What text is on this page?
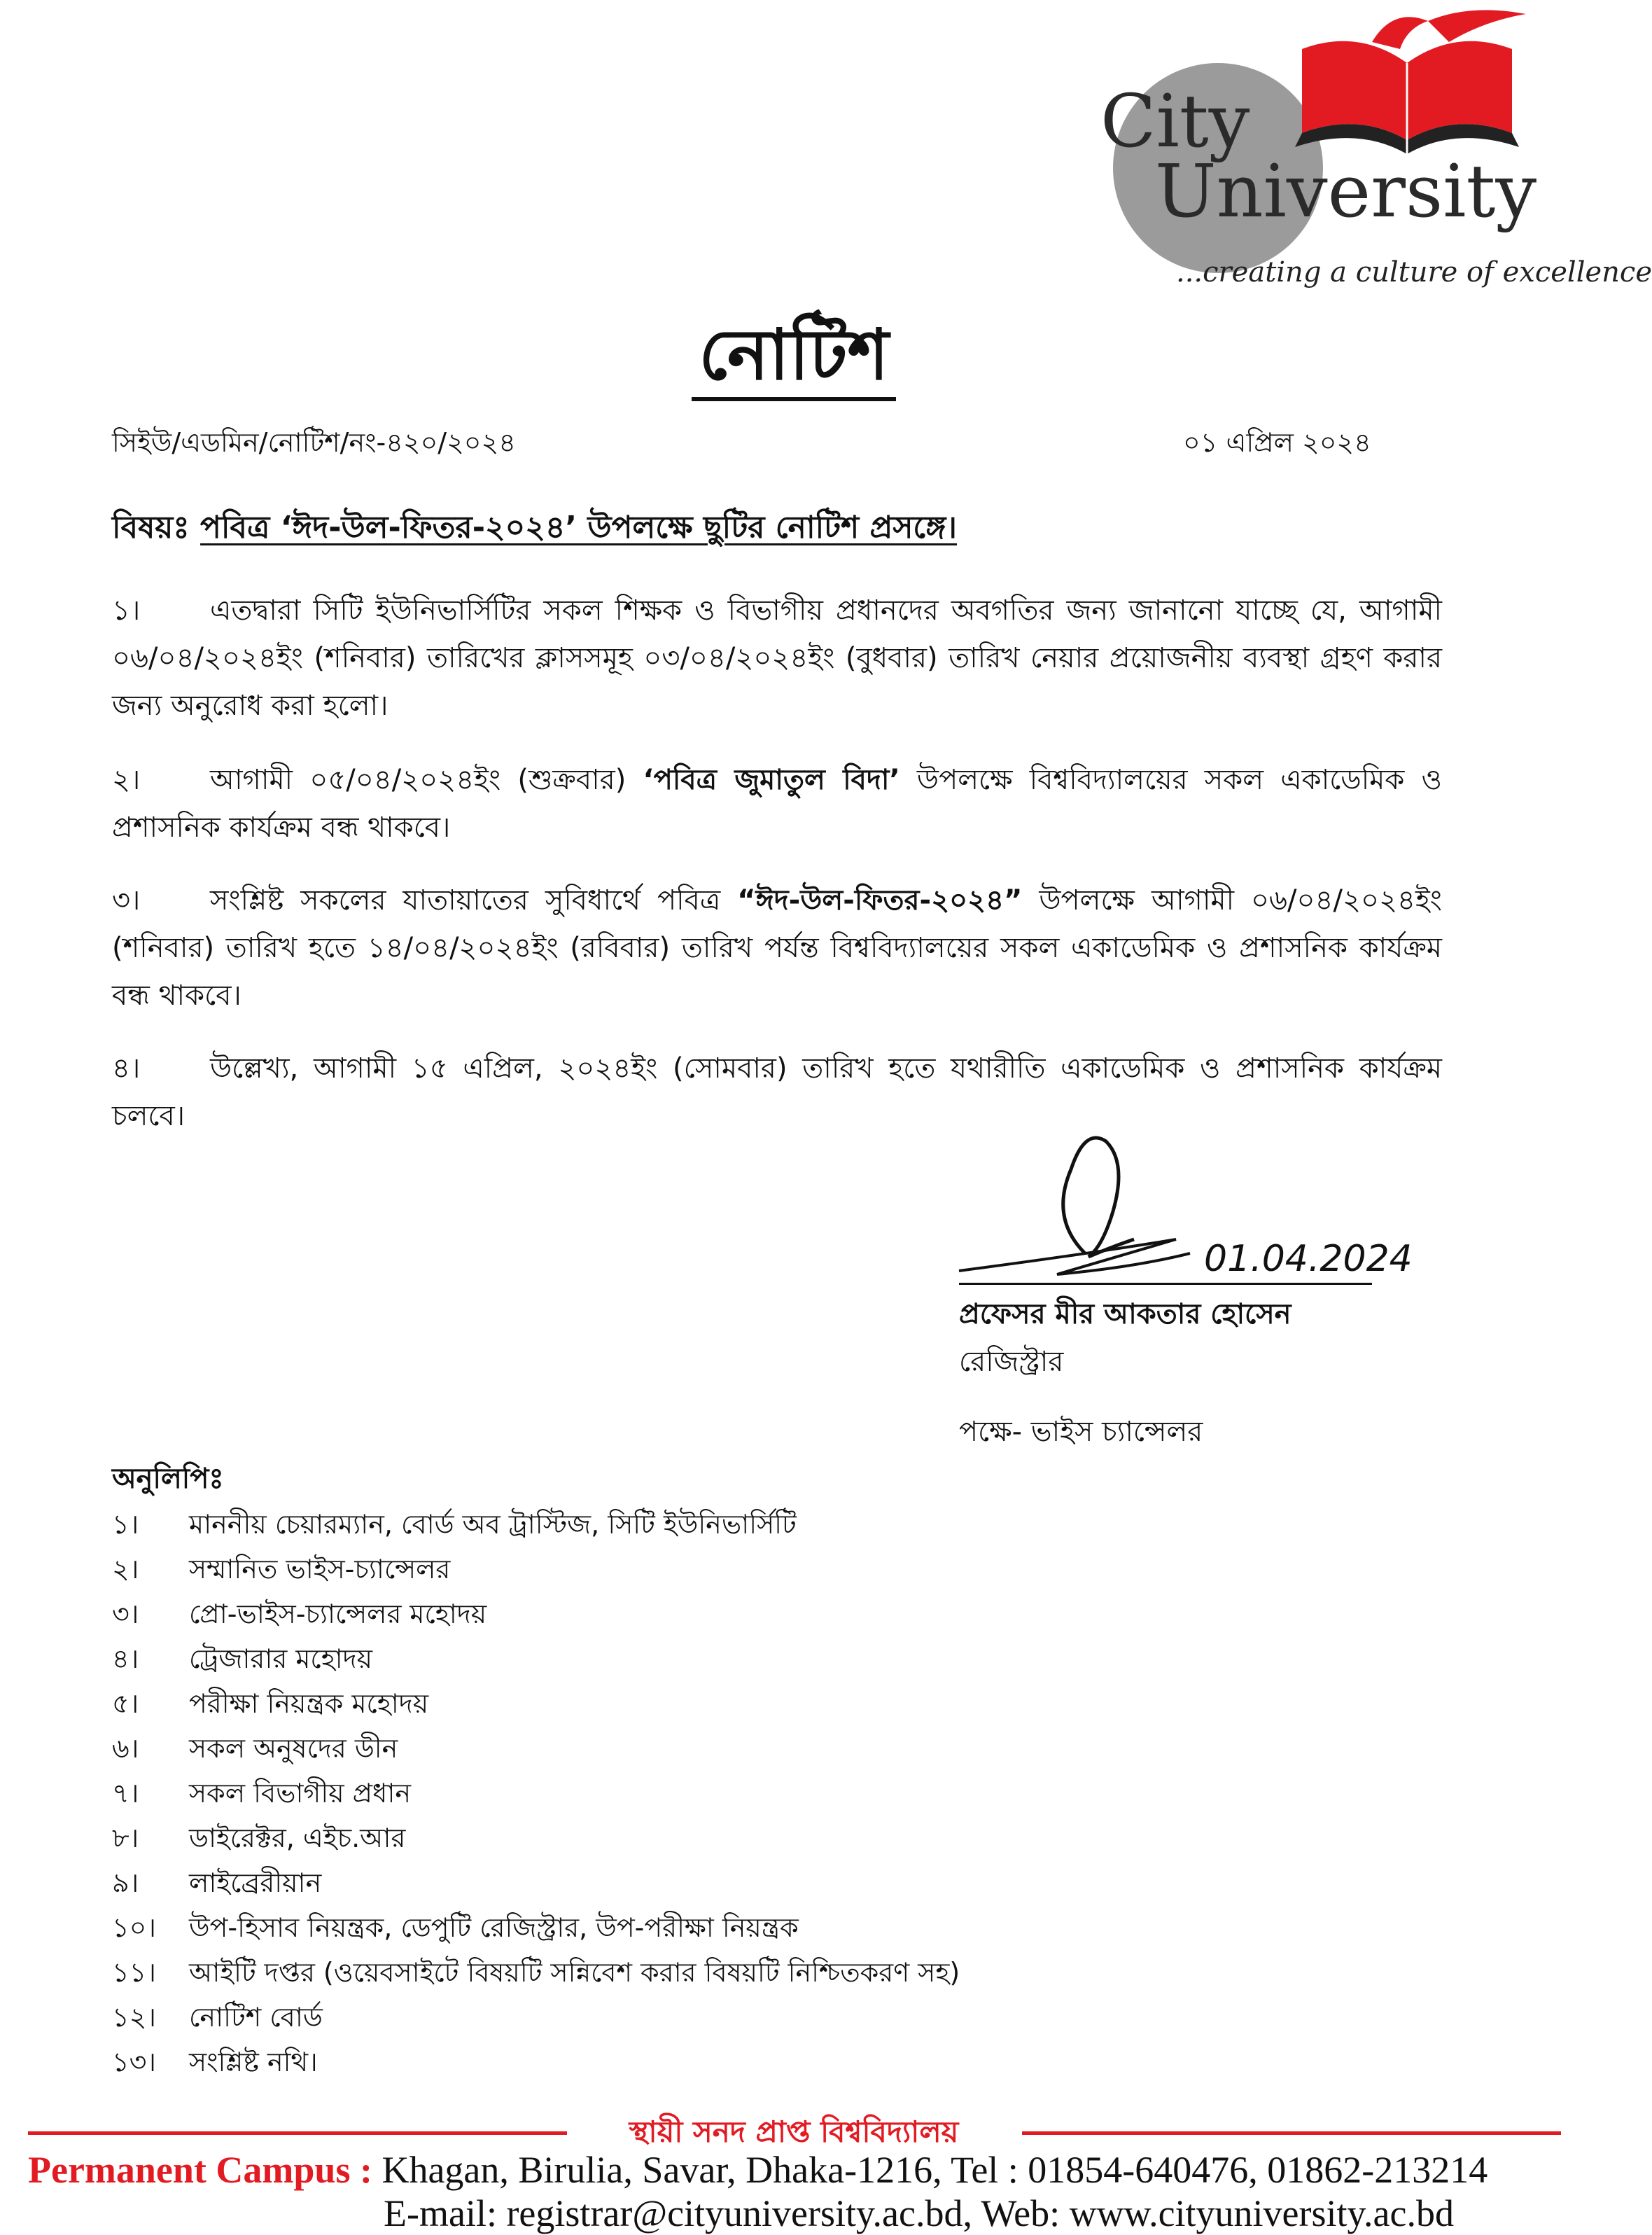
City
University
...creating a culture of excellence
নোটিশ
সিইউ/এডমিন/নোটিশ/নং-৪২০/২০২৪	০১ এপ্রিল ২০২৪
বিষয়ঃ পবিত্র ‘ঈদ-উল-ফিতর-২০২৪’ উপলক্ষে ছুটির নোটিশ প্রসঙ্গে।
১। এতদ্বারা সিটি ইউনিভার্সিটির সকল শিক্ষক ও বিভাগীয় প্রধানদের অবগতির জন্য জানানো যাচ্ছে যে, আগামী ০৬/০৪/২০২৪ইং (শনিবার) তারিখের ক্লাসসমূহ ০৩/০৪/২০২৪ইং (বুধবার) তারিখ নেয়ার প্রয়োজনীয় ব্যবস্থা গ্রহণ করার জন্য অনুরোধ করা হলো।
২। আগামী ০৫/০৪/২০২৪ইং (শুক্রবার) ‘পবিত্র জুমাতুল বিদা’ উপলক্ষে বিশ্ববিদ্যালয়ের সকল একাডেমিক ও প্রশাসনিক কার্যক্রম বন্ধ থাকবে।
৩। সংশ্লিষ্ট সকলের যাতায়াতের সুবিধার্থে পবিত্র “ঈদ-উল-ফিতর-২০২৪” উপলক্ষে আগামী ০৬/০৪/২০২৪ইং (শনিবার) তারিখ হতে ১৪/০৪/২০২৪ইং (রবিবার) তারিখ পর্যন্ত বিশ্ববিদ্যালয়ের সকল একাডেমিক ও প্রশাসনিক কার্যক্রম বন্ধ থাকবে।
৪। উল্লেখ্য, আগামী ১৫ এপ্রিল, ২০২৪ইং (সোমবার) তারিখ হতে যথারীতি একাডেমিক ও প্রশাসনিক কার্যক্রম চলবে।
01.04.2024
প্রফেসর মীর আকতার হোসেন
রেজিস্ট্রার
পক্ষে- ভাইস চ্যান্সেলর
অনুলিপিঃ
১। মাননীয় চেয়ারম্যান, বোর্ড অব ট্রাস্টিজ, সিটি ইউনিভার্সিটি
২। সম্মানিত ভাইস-চ্যান্সেলর
৩। প্রো-ভাইস-চ্যান্সেলর মহোদয়
৪। ট্রেজারার মহোদয়
৫। পরীক্ষা নিয়ন্ত্রক মহোদয়
৬। সকল অনুষদের ডীন
৭। সকল বিভাগীয় প্রধান
৮। ডাইরেক্টর, এইচ.আর
৯। লাইব্রেরীয়ান
১০। উপ-হিসাব নিয়ন্ত্রক, ডেপুটি রেজিস্ট্রার, উপ-পরীক্ষা নিয়ন্ত্রক
১১। আইটি দপ্তর (ওয়েবসাইটে বিষয়টি সন্নিবেশ করার বিষয়টি নিশ্চিতকরণ সহ)
১২। নোটিশ বোর্ড
১৩। সংশ্লিষ্ট নথি।
স্থায়ী সনদ প্রাপ্ত বিশ্ববিদ্যালয়
Permanent Campus : Khagan, Birulia, Savar, Dhaka-1216, Tel : 01854-640476, 01862-213214
E-mail: registrar@cityuniversity.ac.bd, Web: www.cityuniversity.ac.bd
